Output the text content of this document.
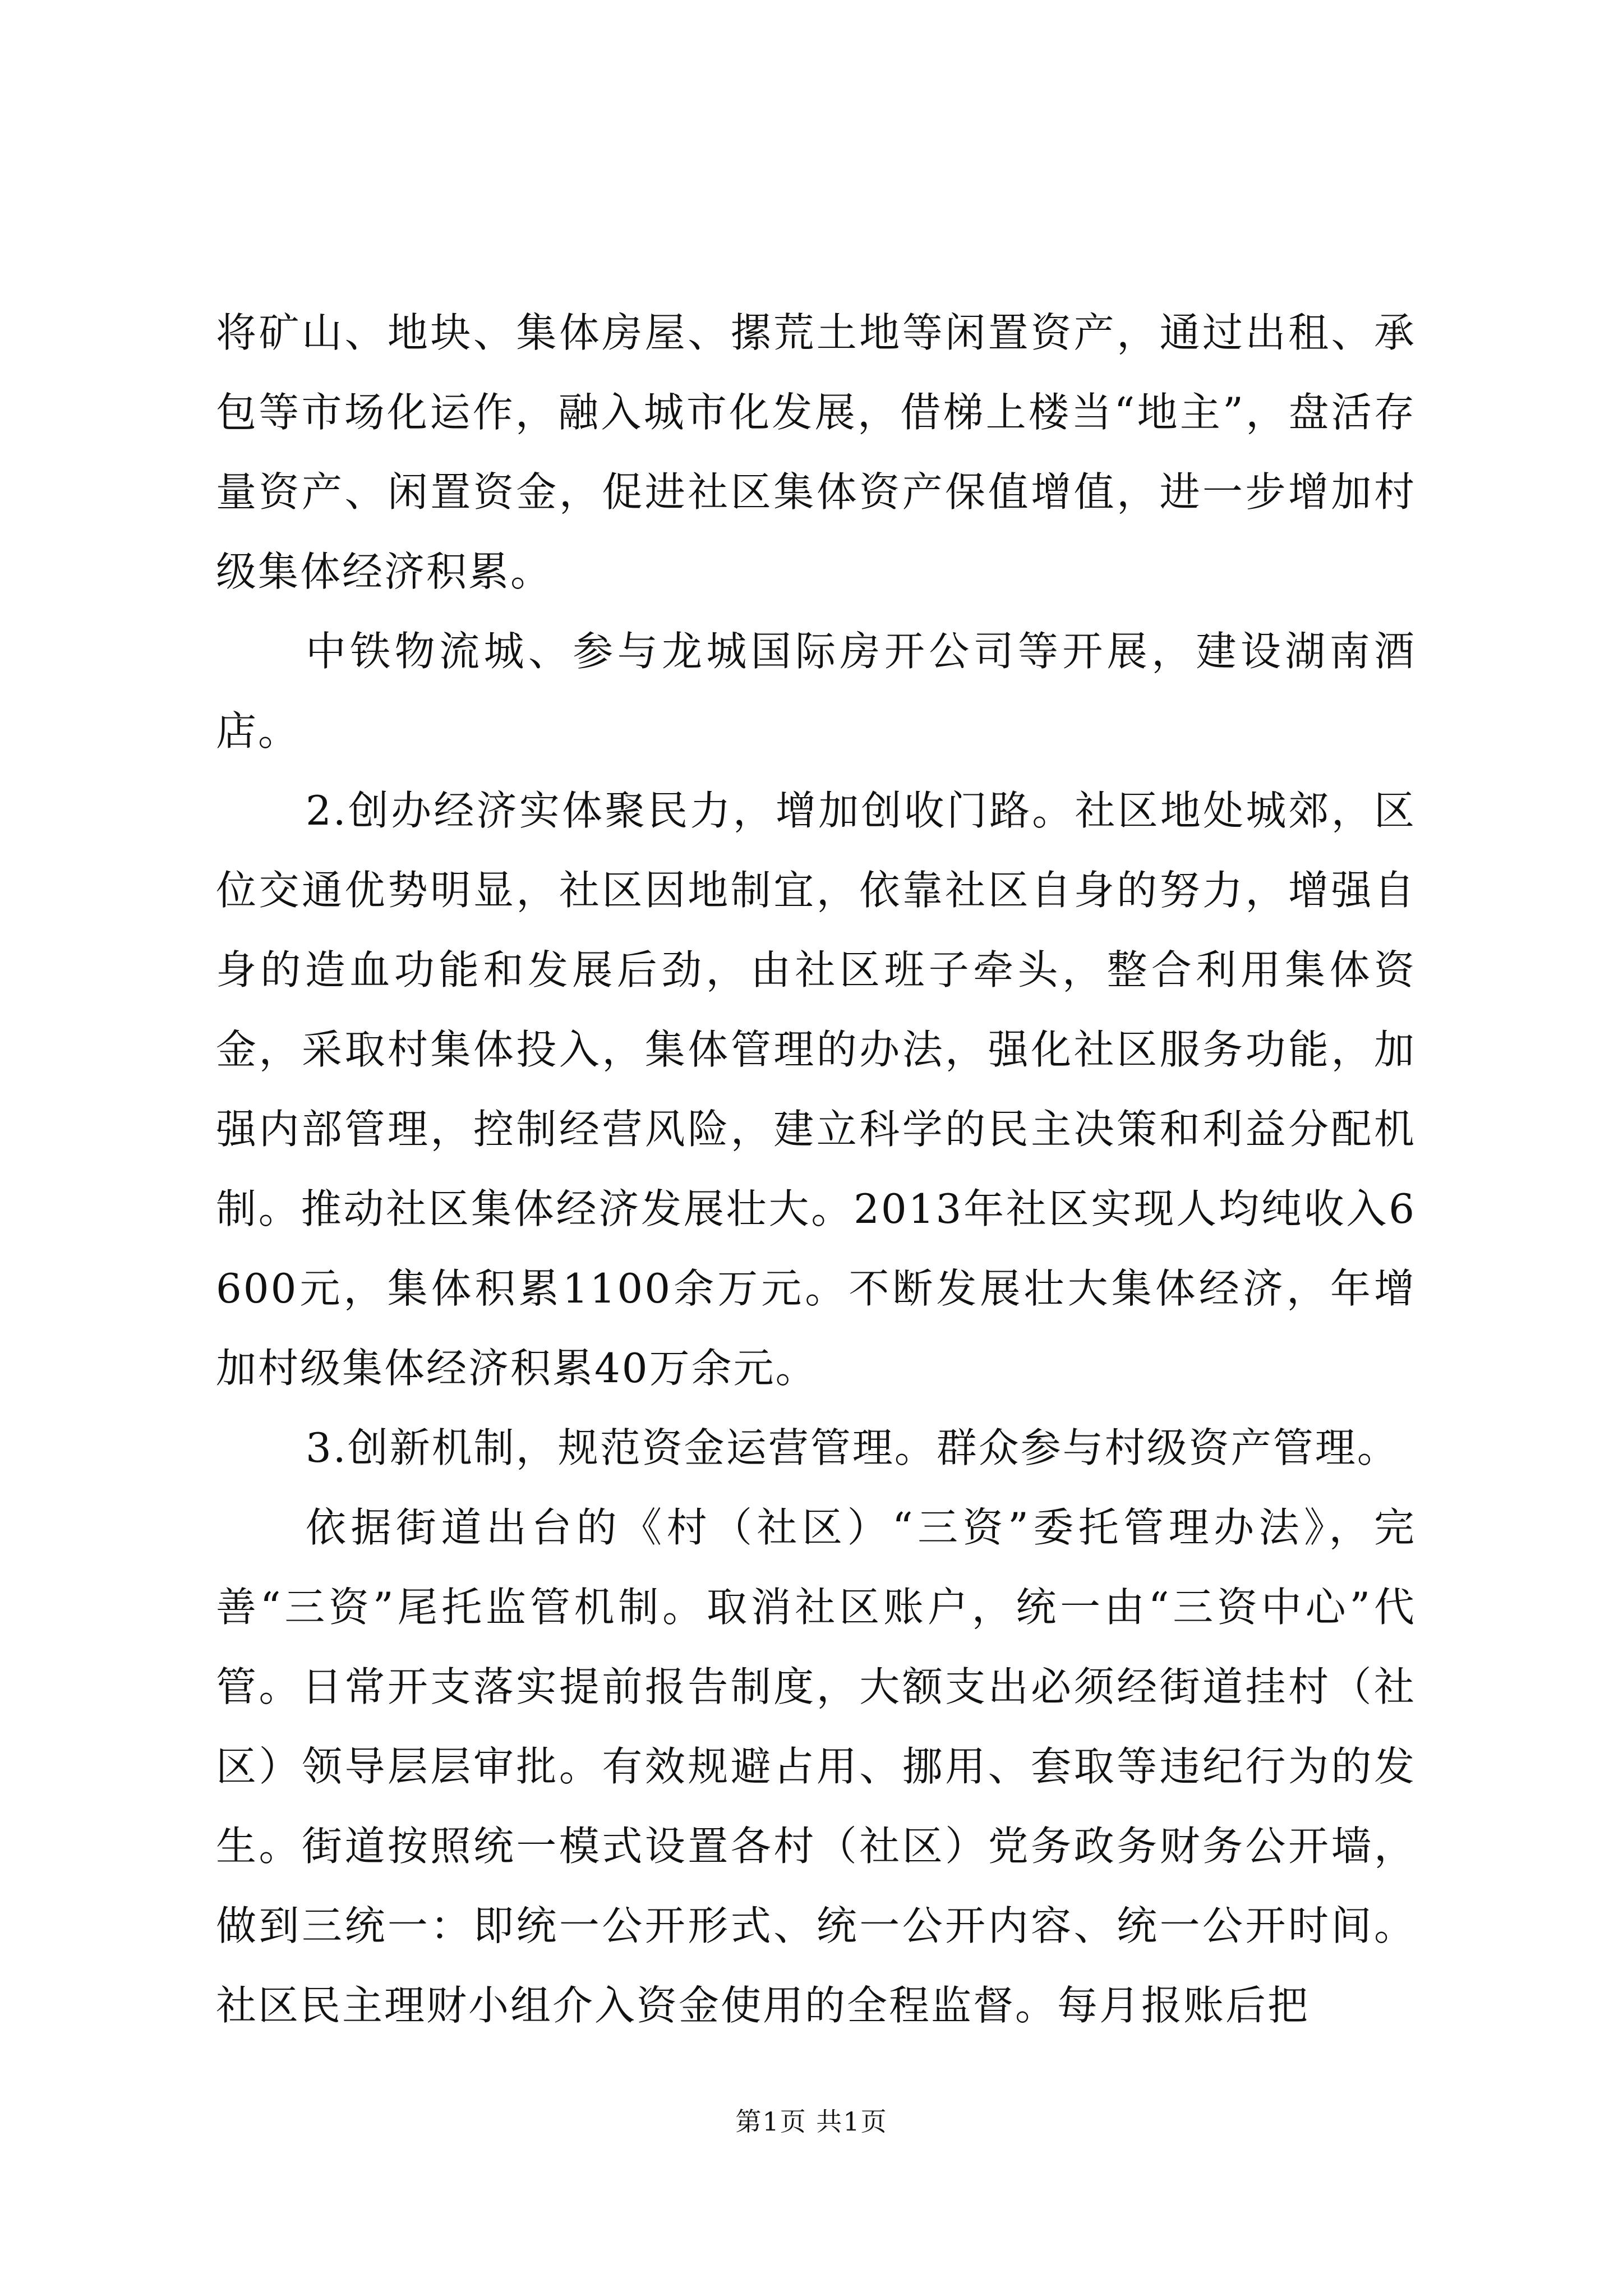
将矿山、地块、集体房屋、摞荒土地等闲置资产，通过出租、承包等市场化运作，融入城市化发展，借梯上楼当“地主”，盘活存量资产、闲置资金，促进社区集体资产保值增值，进一步增加村级集体经济积累。

中铁物流城、参与龙城国际房开公司等开展，建设湖南酒店。

2.创办经济实体聚民力，增加创收门路。社区地处城郊，区位交通优势明显，社区因地制宜，依靠社区自身的努力，增强自身的造血功能和发展后劲，由社区班子牵头，整合利用集体资金，采取村集体投入，集体管理的办法，强化社区服务功能，加强内部管理，控制经营风险，建立科学的民主决策和利益分配机制。推动社区集体经济发展壮大。2013年社区实现人均纯收入6600元，集体积累1100余万元。不断发展壮大集体经济，年增加村级集体经济积累40万余元。

3.创新机制，规范资金运营管理。群众参与村级资产管理。

依据街道出台的《村（社区）“三资”委托管理办法》，完善“三资”尾托监管机制。取消社区账户，统一由“三资中心”代管。日常开支落实提前报告制度，大额支出必须经街道挂村（社区）领导层层审批。有效规避占用、挪用、套取等违纪行为的发生。街道按照统一模式设置各村（社区）党务政务财务公开墙，做到三统一：即统一公开形式、统一公开内容、统一公开时间。社区民主理财小组介入资金使用的全程监督。每月报账后把

第1页 共1页
